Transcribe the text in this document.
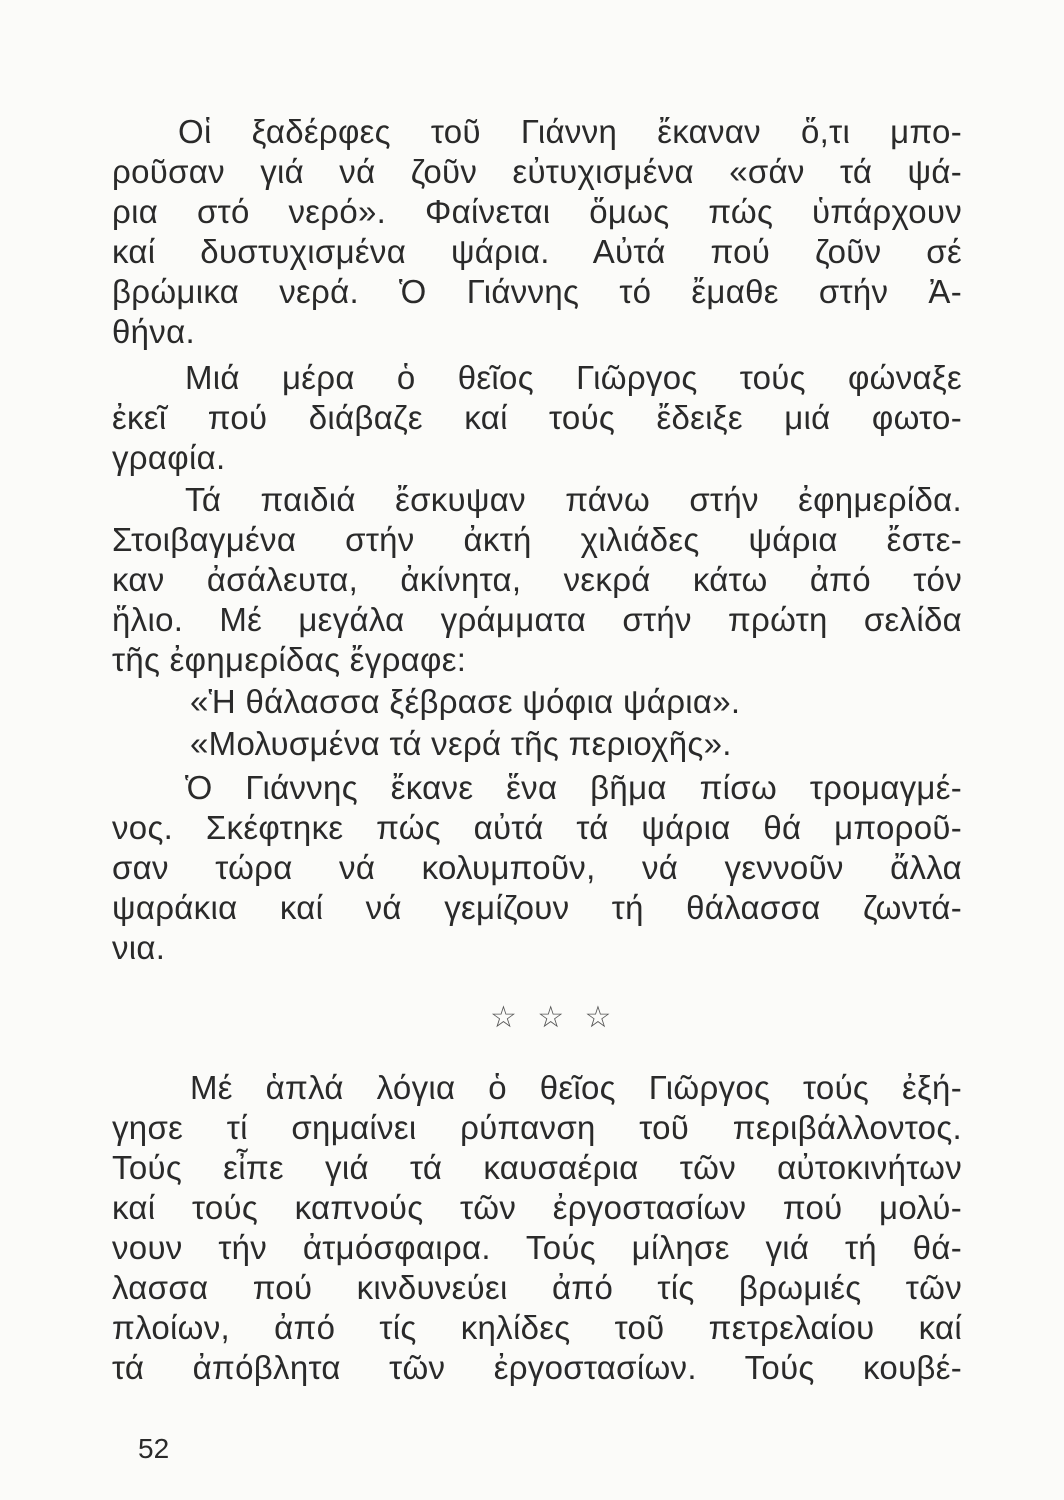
Οἱ ξαδέρφες τοῦ Γιάννη ἔκαναν ὅ,τι μπο-
ροῦσαν γιά νά ζοῦν εὐτυχισμένα «σάν τά ψά-
ρια στό νερό». Φαίνεται ὅμως πώς ὑπάρχουν
καί δυστυχισμένα ψάρια. Αὐτά πού ζοῦν σέ
βρώμικα νερά. Ὁ Γιάννης τό ἔμαθε στήν Ἀ-
θήνα.
Μιά μέρα ὁ θεῖος Γιῶργος τούς φώναξε
ἐκεῖ πού διάβαζε καί τούς ἔδειξε μιά φωτο-
γραφία.
Τά παιδιά ἔσκυψαν πάνω στήν ἐφημερίδα.
Στοιβαγμένα στήν ἀκτή χιλιάδες ψάρια ἔστε-
καν ἀσάλευτα, ἀκίνητα, νεκρά κάτω ἀπό τόν
ἥλιο. Μέ μεγάλα γράμματα στήν πρώτη σελίδα
τῆς ἐφημερίδας ἔγραφε:
«Ἡ θάλασσα ξέβρασε ψόφια ψάρια».
«Μολυσμένα τά νερά τῆς περιοχῆς».
Ὁ Γιάννης ἔκανε ἕνα βῆμα πίσω τρομαγμέ-
νος. Σκέφτηκε πώς αὐτά τά ψάρια θά μποροῦ-
σαν τώρα νά κολυμποῦν, νά γεννοῦν ἄλλα
ψαράκια καί νά γεμίζουν τή θάλασσα ζωντά-
νια.
☆ ☆ ☆
Μέ ἁπλά λόγια ὁ θεῖος Γιῶργος τούς ἐξή-
γησε τί σημαίνει ρύπανση τοῦ περιβάλλοντος.
Τούς εἶπε γιά τά καυσαέρια τῶν αὐτοκινήτων
καί τούς καπνούς τῶν ἐργοστασίων πού μολύ-
νουν τήν ἀτμόσφαιρα. Τούς μίλησε γιά τή θά-
λασσα πού κινδυνεύει ἀπό τίς βρωμιές τῶν
πλοίων, ἀπό τίς κηλίδες τοῦ πετρελαίου καί
τά ἀπόβλητα τῶν ἐργοστασίων. Τούς κουβέ-
52
